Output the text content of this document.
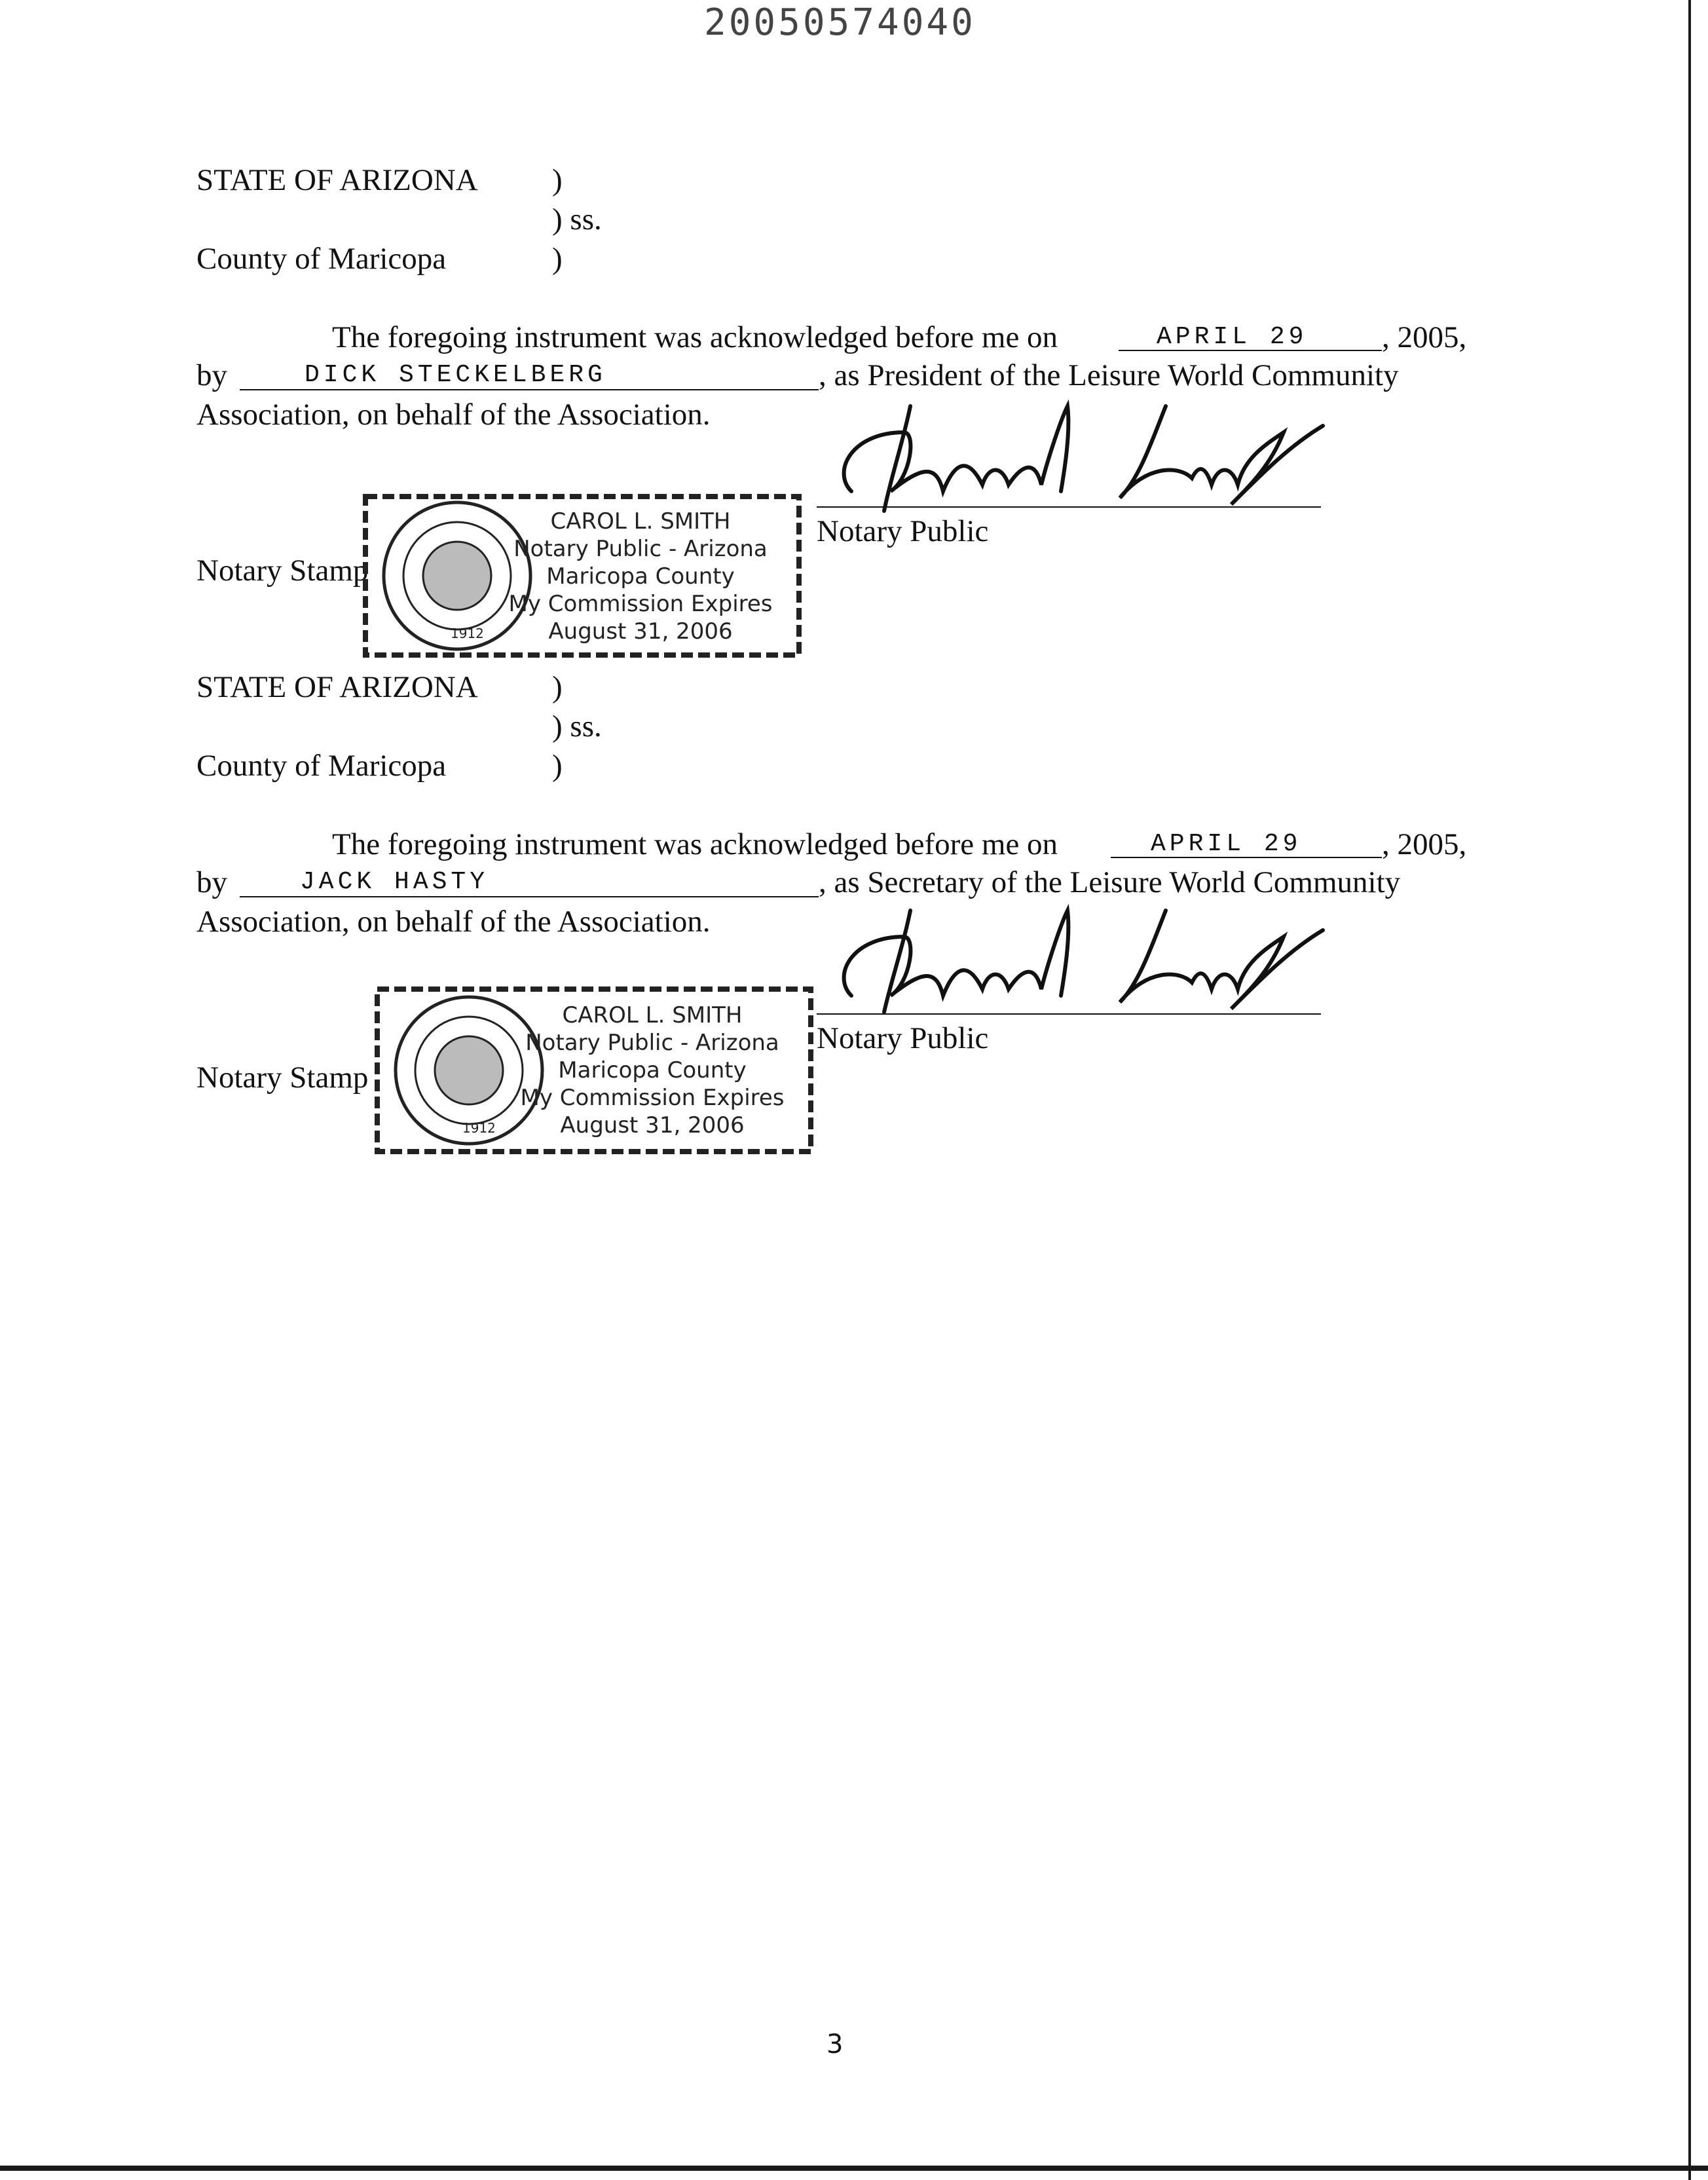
20050574040
STATE OF ARIZONA )
) ss.
County of Maricopa	)
The foregoing instrument was acknowledged before me on	APRIL 29 , 2005,
by	DICK STECKELBERG	, as President of the Leisure World Community
Association, on behalf of the Association.
Notary Public
Notary Stamp
1912
CAROL L. SMITH
Notary Public - Arizona
Maricopa County
My Commission Expires
August 31, 2006
STATE OF ARIZONA )
) ss.
County of Maricopa	)
The foregoing instrument was acknowledged before me on	APRIL 29	, 2005,
by	JACK HASTY	, as Secretary of the Leisure World Community
Association, on behalf of the Association.
Notary Public
Notary Stamp
1912
CAROL L. SMITH
Notary Public - Arizona
Maricopa County
My Commission Expires
August 31, 2006
3
